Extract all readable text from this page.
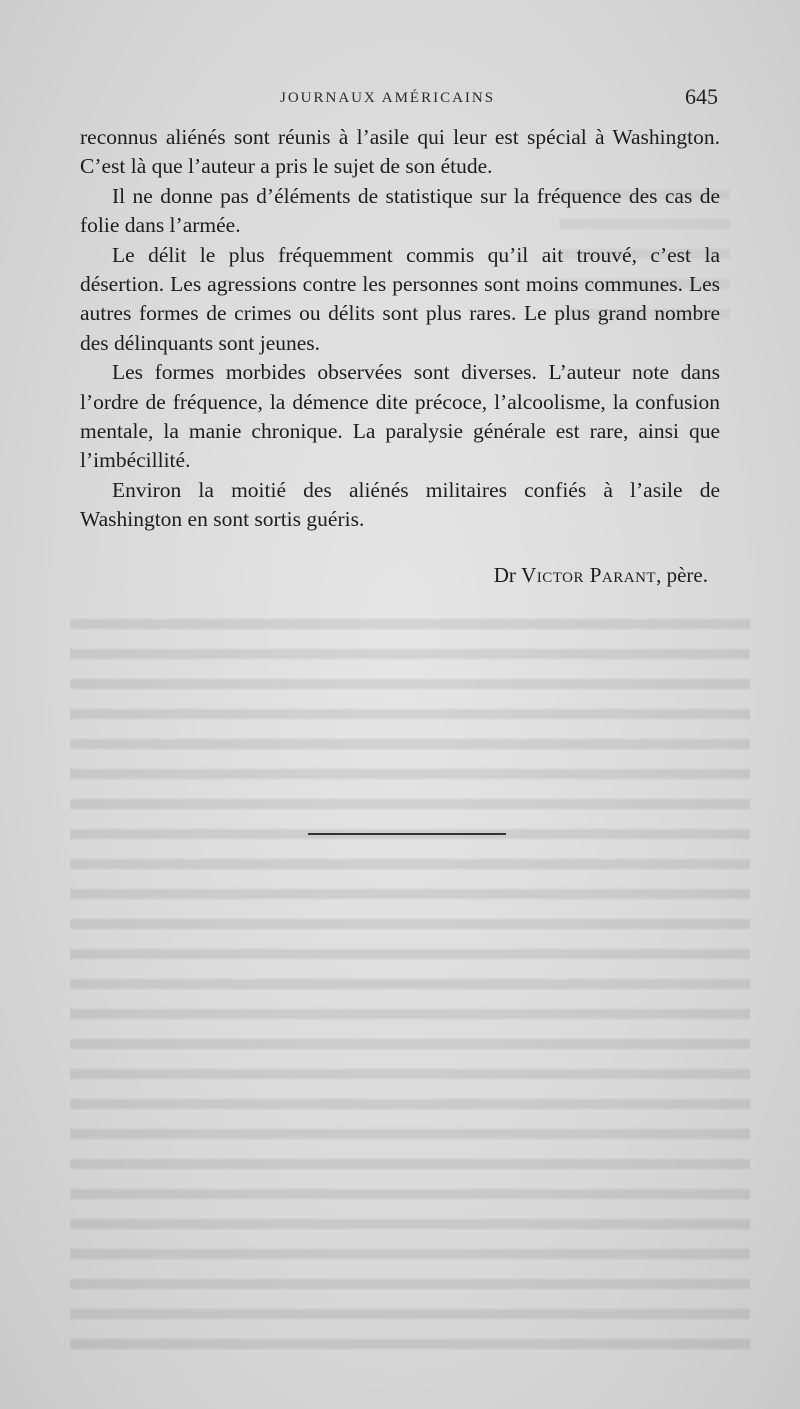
JOURNAUX AMÉRICAINS	645

reconnus aliénés sont réunis à l’asile qui leur est spécial à Washington. C’est là que l’auteur a pris le sujet de son étude.

Il ne donne pas d’éléments de statistique sur la fréquence des cas de folie dans l’armée.

Le délit le plus fréquemment commis qu’il ait trouvé, c’est la désertion. Les agressions contre les personnes sont moins communes. Les autres formes de crimes ou délits sont plus rares. Le plus grand nombre des délinquants sont jeunes.

Les formes morbides observées sont diverses. L’auteur note dans l’ordre de fréquence, la démence dite précoce, l’alcoolisme, la confusion mentale, la manie chronique. La paralysie générale est rare, ainsi que l’imbécillité.

Environ la moitié des aliénés militaires confiés à l’asile de Washington en sont sortis guéris.

Dr Victor Parant, père.
